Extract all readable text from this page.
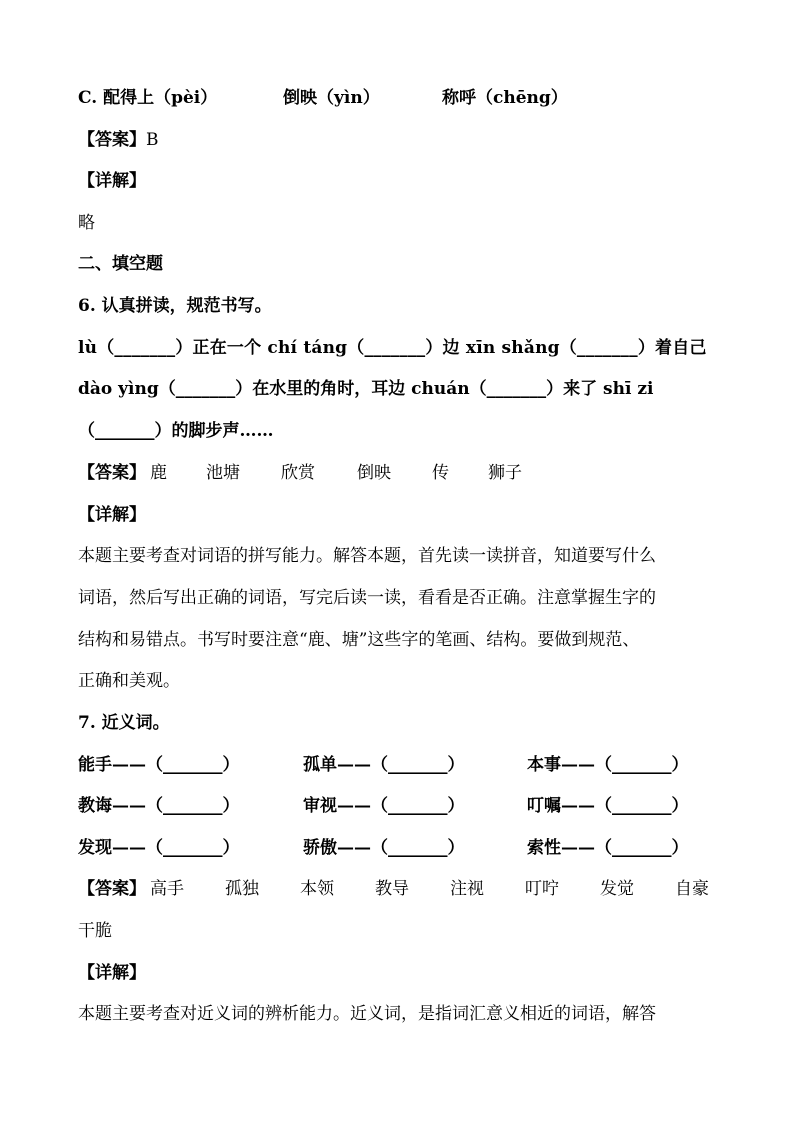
C. 配得上（pèi）	倒映（yìn）	称呼（chēng）
【答案】B
【详解】
略
二、填空题
6. 认真拼读，规范书写。
lù（_______）正在一个 chí táng（_______）边 xīn shǎng（_______）着自己
dào yìng（_______）在水里的角时，耳边 chuán（_______）来了 shī zi
（_______）的脚步声……
【答案】 鹿 池塘 欣赏 倒映 传 狮子
【详解】
本题主要考查对词语的拼写能力。解答本题，首先读一读拼音，知道要写什么
词语，然后写出正确的词语，写完后读一读，看看是否正确。注意掌握生字的
结构和易错点。书写时要注意“鹿、塘”这些字的笔画、结构。要做到规范、
正确和美观。
7. 近义词。
能手——（_______）	孤单——（_______）	本事——（_______）
教诲——（_______）	审视——（_______）	叮嘱——（_______）
发现——（_______）	骄傲——（_______）	索性——（_______）
【答案】 高手 孤独 本领 教导 注视 叮咛 发觉 自豪
干脆
【详解】
本题主要考查对近义词的辨析能力。近义词，是指词汇意义相近的词语，解答
